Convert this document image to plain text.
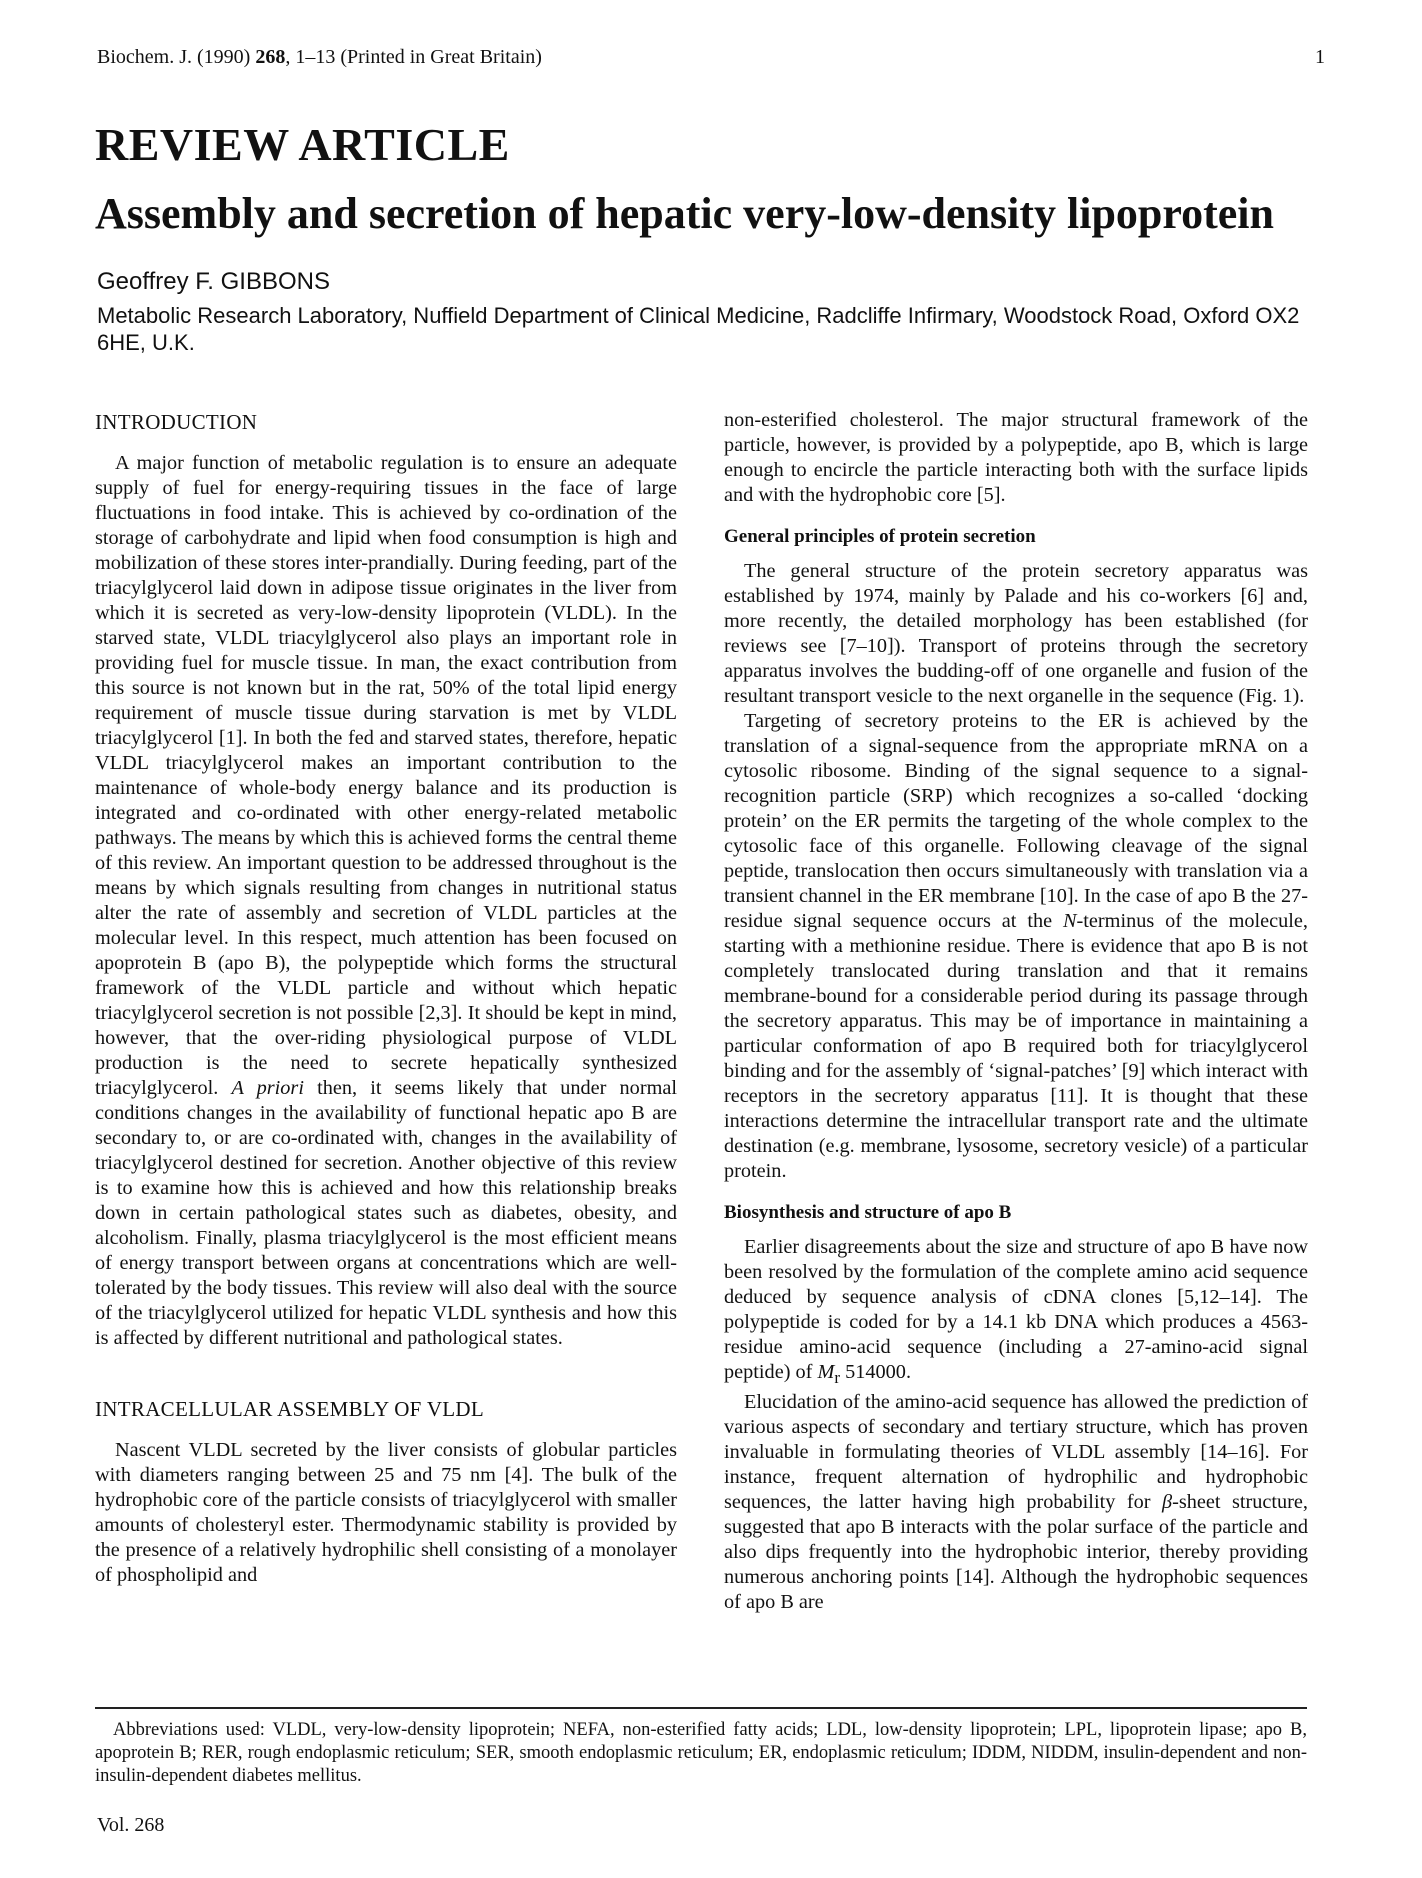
Biochem. J. (1990) 268, 1–13 (Printed in Great Britain)	1
REVIEW ARTICLE
Assembly and secretion of hepatic very-low-density lipoprotein
Geoffrey F. GIBBONS
Metabolic Research Laboratory, Nuffield Department of Clinical Medicine, Radcliffe Infirmary, Woodstock Road, Oxford OX2 6HE, U.K.
INTRODUCTION

A major function of metabolic regulation is to ensure an adequate supply of fuel for energy-requiring tissues in the face of large fluctuations in food intake. This is achieved by co-ordination of the storage of carbohydrate and lipid when food consumption is high and mobilization of these stores inter-prandially. During feeding, part of the triacylglycerol laid down in adipose tissue originates in the liver from which it is secreted as very-low-density lipoprotein (VLDL). In the starved state, VLDL triacylglycerol also plays an important role in providing fuel for muscle tissue. In man, the exact contribution from this source is not known but in the rat, 50% of the total lipid energy requirement of muscle tissue during starvation is met by VLDL triacylglycerol [1]. In both the fed and starved states, therefore, hepatic VLDL triacylglycerol makes an important contribution to the maintenance of whole-body energy balance and its production is integrated and co-ordinated with other energy-related metabolic pathways. The means by which this is achieved forms the central theme of this review. An important question to be addressed throughout is the means by which signals resulting from changes in nutritional status alter the rate of assembly and secretion of VLDL particles at the molecular level. In this respect, much attention has been focused on apoprotein B (apo B), the polypeptide which forms the structural framework of the VLDL particle and without which hepatic triacylglycerol secretion is not possible [2,3]. It should be kept in mind, however, that the over-riding physiological purpose of VLDL production is the need to secrete hepatically synthesized triacylglycerol. A priori then, it seems likely that under normal conditions changes in the availability of functional hepatic apo B are secondary to, or are co-ordinated with, changes in the availability of triacylglycerol destined for secretion. Another objective of this review is to examine how this is achieved and how this relationship breaks down in certain pathological states such as diabetes, obesity, and alcoholism. Finally, plasma triacylglycerol is the most efficient means of energy transport between organs at concentrations which are well-tolerated by the body tissues. This review will also deal with the source of the triacylglycerol utilized for hepatic VLDL synthesis and how this is affected by different nutritional and pathological states.

INTRACELLULAR ASSEMBLY OF VLDL

Nascent VLDL secreted by the liver consists of globular particles with diameters ranging between 25 and 75 nm [4]. The bulk of the hydrophobic core of the particle consists of triacylglycerol with smaller amounts of cholesteryl ester. Thermodynamic stability is provided by the presence of a relatively hydrophilic shell consisting of a monolayer of phospholipid and

non-esterified cholesterol. The major structural framework of the particle, however, is provided by a polypeptide, apo B, which is large enough to encircle the particle interacting both with the surface lipids and with the hydrophobic core [5].

General principles of protein secretion

The general structure of the protein secretory apparatus was established by 1974, mainly by Palade and his co-workers [6] and, more recently, the detailed morphology has been established (for reviews see [7–10]). Transport of proteins through the secretory apparatus involves the budding-off of one organelle and fusion of the resultant transport vesicle to the next organelle in the sequence (Fig. 1).

Targeting of secretory proteins to the ER is achieved by the translation of a signal-sequence from the appropriate mRNA on a cytosolic ribosome. Binding of the signal sequence to a signal-recognition particle (SRP) which recognizes a so-called ‘docking protein’ on the ER permits the targeting of the whole complex to the cytosolic face of this organelle. Following cleavage of the signal peptide, translocation then occurs simultaneously with translation via a transient channel in the ER membrane [10]. In the case of apo B the 27-residue signal sequence occurs at the N-terminus of the molecule, starting with a methionine residue. There is evidence that apo B is not completely translocated during translation and that it remains membrane-bound for a considerable period during its passage through the secretory apparatus. This may be of importance in maintaining a particular conformation of apo B required both for triacylglycerol binding and for the assembly of ‘signal-patches’ [9] which interact with receptors in the secretory apparatus [11]. It is thought that these interactions determine the intracellular transport rate and the ultimate destination (e.g. membrane, lysosome, secretory vesicle) of a particular protein.

Biosynthesis and structure of apo B

Earlier disagreements about the size and structure of apo B have now been resolved by the formulation of the complete amino acid sequence deduced by sequence analysis of cDNA clones [5,12–14]. The polypeptide is coded for by a 14.1 kb DNA which produces a 4563-residue amino-acid sequence (including a 27-amino-acid signal peptide) of $M_r$ 514000.

Elucidation of the amino-acid sequence has allowed the prediction of various aspects of secondary and tertiary structure, which has proven invaluable in formulating theories of VLDL assembly [14–16]. For instance, frequent alternation of hydrophilic and hydrophobic sequences, the latter having high probability for β-sheet structure, suggested that apo B interacts with the polar surface of the particle and also dips frequently into the hydrophobic interior, thereby providing numerous anchoring points [14]. Although the hydrophobic sequences of apo B are

Abbreviations used: VLDL, very-low-density lipoprotein; NEFA, non-esterified fatty acids; LDL, low-density lipoprotein; LPL, lipoprotein lipase; apo B, apoprotein B; RER, rough endoplasmic reticulum; SER, smooth endoplasmic reticulum; ER, endoplasmic reticulum; IDDM, NIDDM, insulin-dependent and non-insulin-dependent diabetes mellitus.
Vol. 268
